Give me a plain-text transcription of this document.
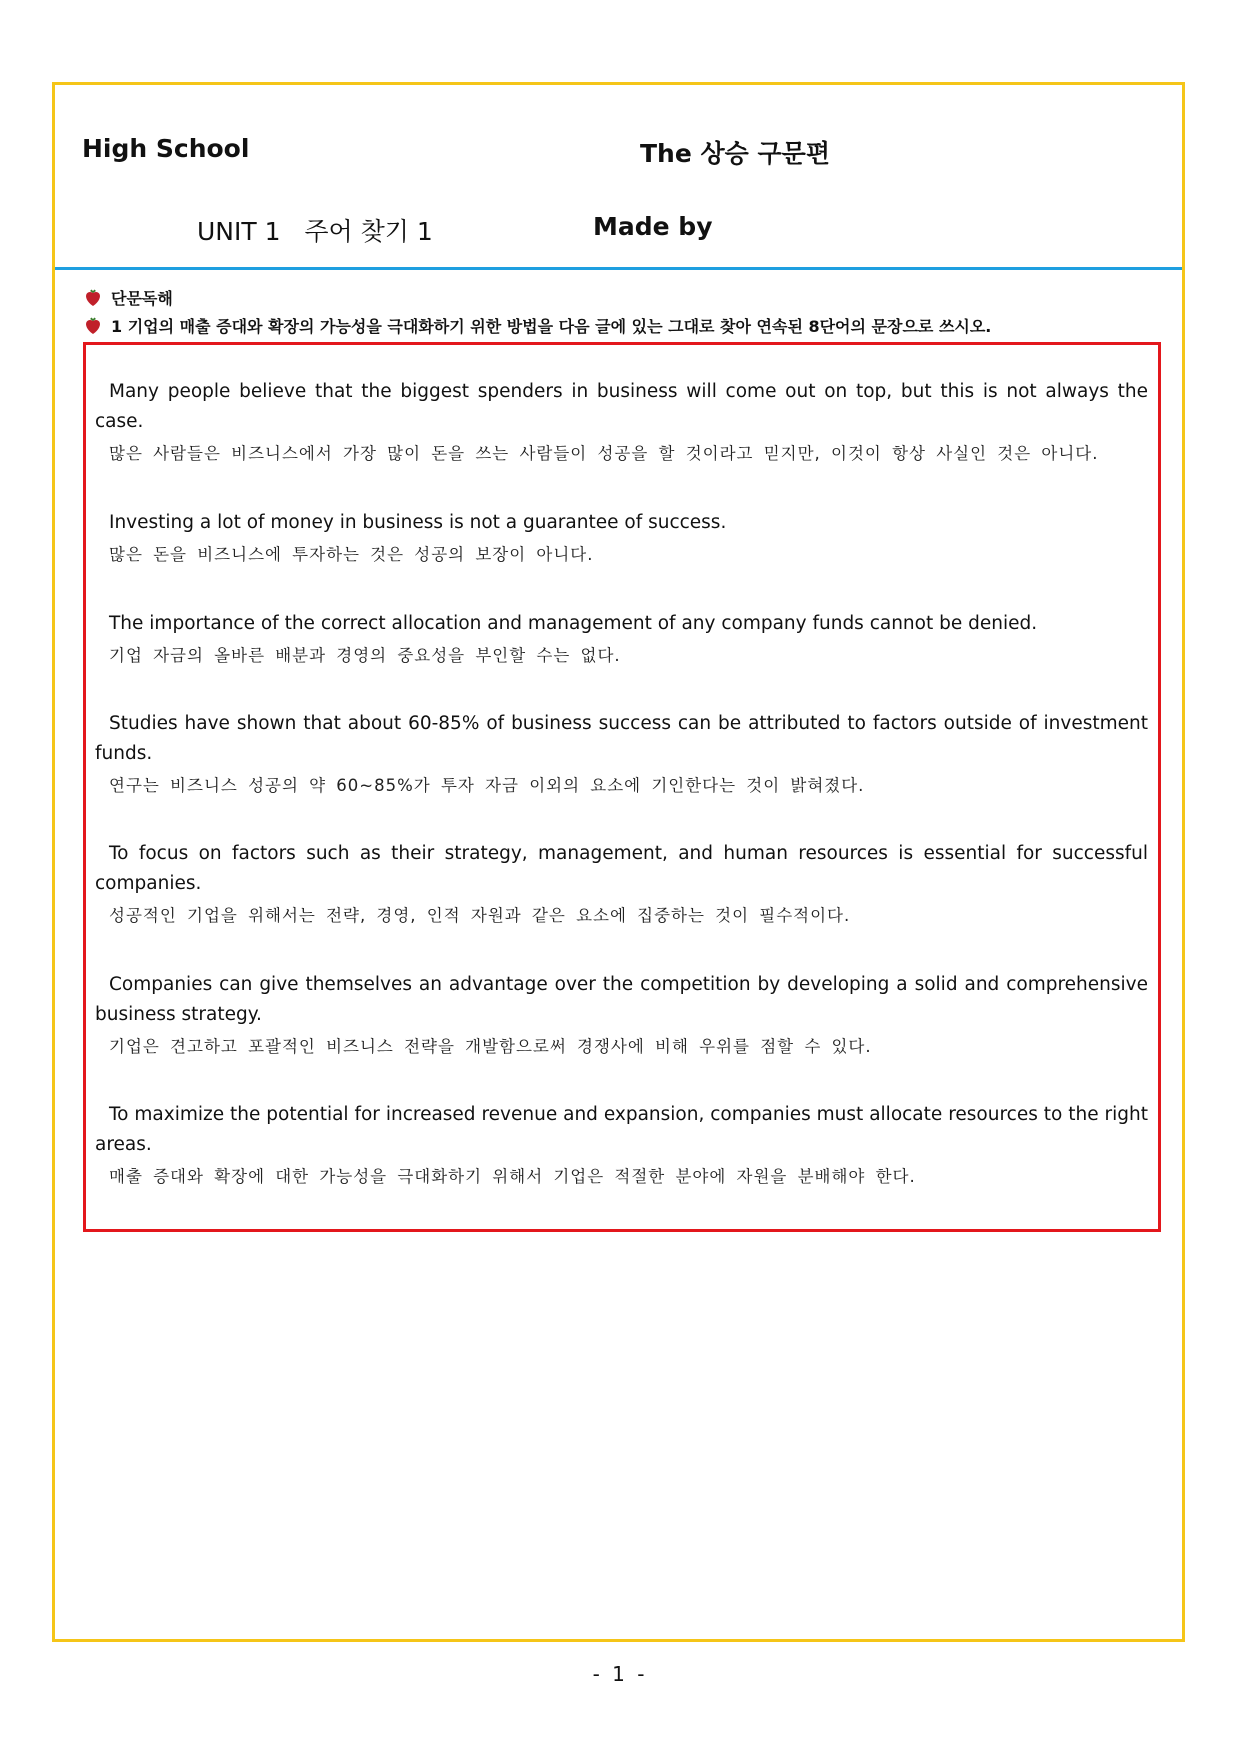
High School	The 상승 구문편
UNIT 1   주어 찾기 1	Made by
단문독해
1 기업의 매출 증대와 확장의 가능성을 극대화하기 위한 방법을 다음 글에 있는 그대로 찾아 연속된 8단어의 문장으로 쓰시오.

Many people believe that the biggest spenders in business will come out on top, but this is not always the case.

많은 사람들은 비즈니스에서 가장 많이 돈을 쓰는 사람들이 성공을 할 것이라고 믿지만, 이것이 항상 사실인 것은 아니다.

Investing a lot of money in business is not a guarantee of success.

많은 돈을 비즈니스에 투자하는 것은 성공의 보장이 아니다.

The importance of the correct allocation and management of any company funds cannot be denied.

기업 자금의 올바른 배분과 경영의 중요성을 부인할 수는 없다.

Studies have shown that about 60-85% of business success can be attributed to factors outside of investment funds.

연구는 비즈니스 성공의 약 60~85%가 투자 자금 이외의 요소에 기인한다는 것이 밝혀졌다.

To focus on factors such as their strategy, management, and human resources is essential for successful companies.

성공적인 기업을 위해서는 전략, 경영, 인적 자원과 같은 요소에 집중하는 것이 필수적이다.

Companies can give themselves an advantage over the competition by developing a solid and comprehensive business strategy.

기업은 견고하고 포괄적인 비즈니스 전략을 개발함으로써 경쟁사에 비해 우위를 점할 수 있다.

To maximize the potential for increased revenue and expansion, companies must allocate resources to the right areas.

매출 증대와 확장에 대한 가능성을 극대화하기 위해서 기업은 적절한 분야에 자원을 분배해야 한다.

- 1 -
